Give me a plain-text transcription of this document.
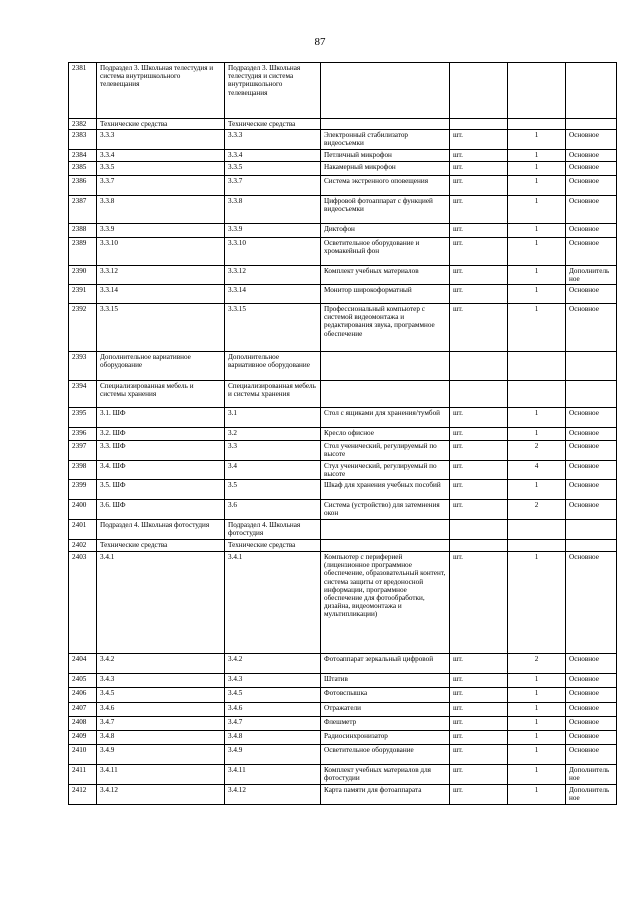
87
2381	Подраздел 3. Школьная телестудия и система внутришкольного телевещания	Подраздел 3. Школьная телестудия и система внутришкольного телевещания				
2382	Технические средства	Технические средства				
2383	3.3.3	3.3.3	Электронный стабилизатор видеосъемки	шт.	1	Основное
2384	3.3.4	3.3.4	Петличный микрофон	шт.	1	Основное
2385	3.3.5	3.3.5	Накамерный микрофон	шт.	1	Основное
2386	3.3.7	3.3.7	Система экстренного оповещения	шт.	1	Основное
2387	3.3.8	3.3.8	Цифровой фотоаппарат с функцией видеосъемки	шт.	1	Основное
2388	3.3.9	3.3.9	Диктофон	шт.	1	Основное
2389	3.3.10	3.3.10	Осветительное оборудование и хромакейный фон	шт.	1	Основное
2390	3.3.12	3.3.12	Комплект учебных материалов	шт.	1	Дополнительное
2391	3.3.14	3.3.14	Монитор широкоформатный	шт.	1	Основное
2392	3.3.15	3.3.15	Профессиональный компьютер с системой видеомонтажа и редактирования звука, программное обеспечение	шт.	1	Основное
2393	Дополнительное вариативное оборудование	Дополнительное вариативное оборудование				
2394	Специализированная мебель и системы хранения	Специализированная мебель и системы хранения				
2395	3.1. ШФ	3.1	Стол с ящиками для хранения/тумбой	шт.	1	Основное
2396	3.2. ШФ	3.2	Кресло офисное	шт.	1	Основное
2397	3.3. ШФ	3.3	Стол ученический, регулируемый по высоте	шт.	2	Основное
2398	3.4. ШФ	3.4	Стул ученический, регулируемый по высоте	шт.	4	Основное
2399	3.5. ШФ	3.5	Шкаф для хранения учебных пособий	шт.	1	Основное
2400	3.6. ШФ	3.6	Система (устройство) для затемнения окон	шт.	2	Основное
2401	Подраздел 4. Школьная фотостудия	Подраздел 4. Школьная фотостудия				
2402	Технические средства	Технические средства				
2403	3.4.1	3.4.1	Компьютер с периферией (лицензионное программное обеспечение, образовательный контент, система защиты от вредоносной информации, программное обеспечение для фотообработки, дизайна, видеомонтажа и мультипликации)	шт.	1	Основное
2404	3.4.2	3.4.2	Фотоаппарат зеркальный цифровой	шт.	2	Основное
2405	3.4.3	3.4.3	Штатив	шт.	1	Основное
2406	3.4.5	3.4.5	Фотовспышка	шт.	1	Основное
2407	3.4.6	3.4.6	Отражатели	шт.	1	Основное
2408	3.4.7	3.4.7	Флешметр	шт.	1	Основное
2409	3.4.8	3.4.8	Радиосинхронизатор	шт.	1	Основное
2410	3.4.9	3.4.9	Осветительное оборудование	шт.	1	Основное
2411	3.4.11	3.4.11	Комплект учебных материалов для фотостудии	шт.	1	Дополнительное
2412	3.4.12	3.4.12	Карта памяти для фотоаппарата	шт.	1	Дополнительное
